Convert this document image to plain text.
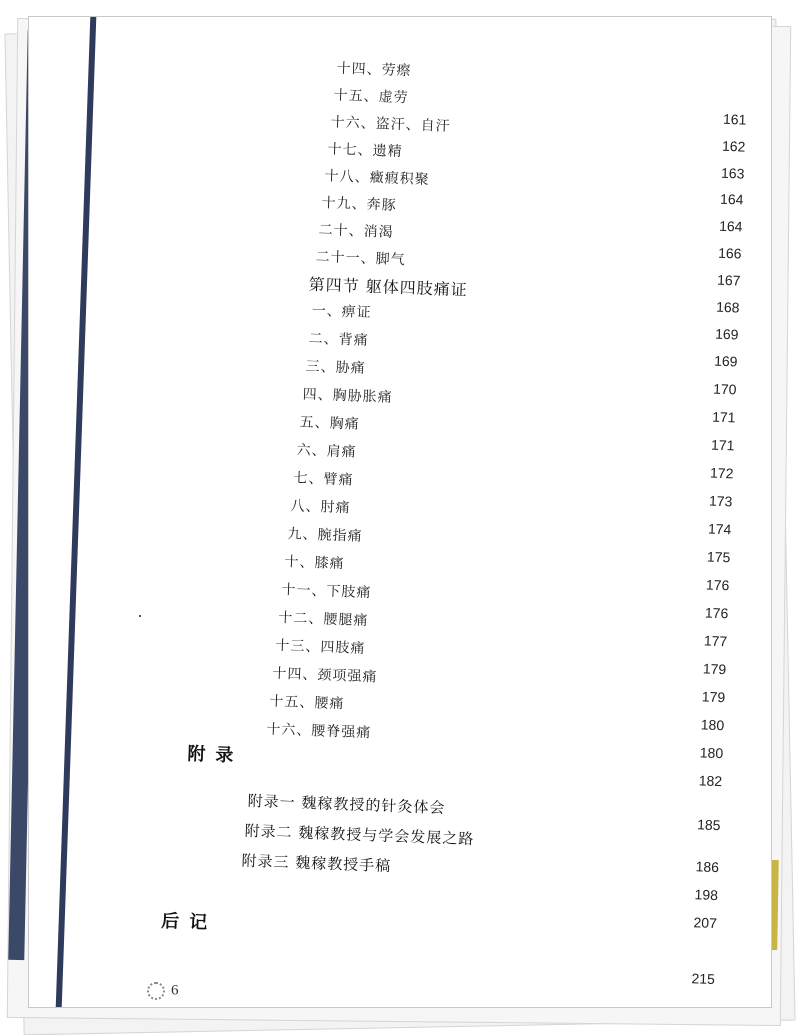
十四、劳瘵
161
十五、虚劳
162
十六、盗汗、自汗
163
十七、遗精
164
十八、癥瘕积聚
164
十九、奔豚
166
二十、消渴
167
二十一、脚气
168
第四节 躯体四肢痛证
169
一、痹证
169
二、背痛
170
三、胁痛
171
四、胸胁胀痛
171
五、胸痛
172
六、肩痛
173
七、臂痛
174
八、肘痛
175
九、腕指痛
176
十、膝痛
176
十一、下肢痛
177
十二、腰腿痛
179
十三、四肢痛
179
十四、颈项强痛
180
十五、腰痛
180
十六、腰脊强痛
182
附录
185
附录一 魏稼教授的针灸体会
186
附录二 魏稼教授与学会发展之路
198
附录三 魏稼教授手稿
207
后记
215
6
